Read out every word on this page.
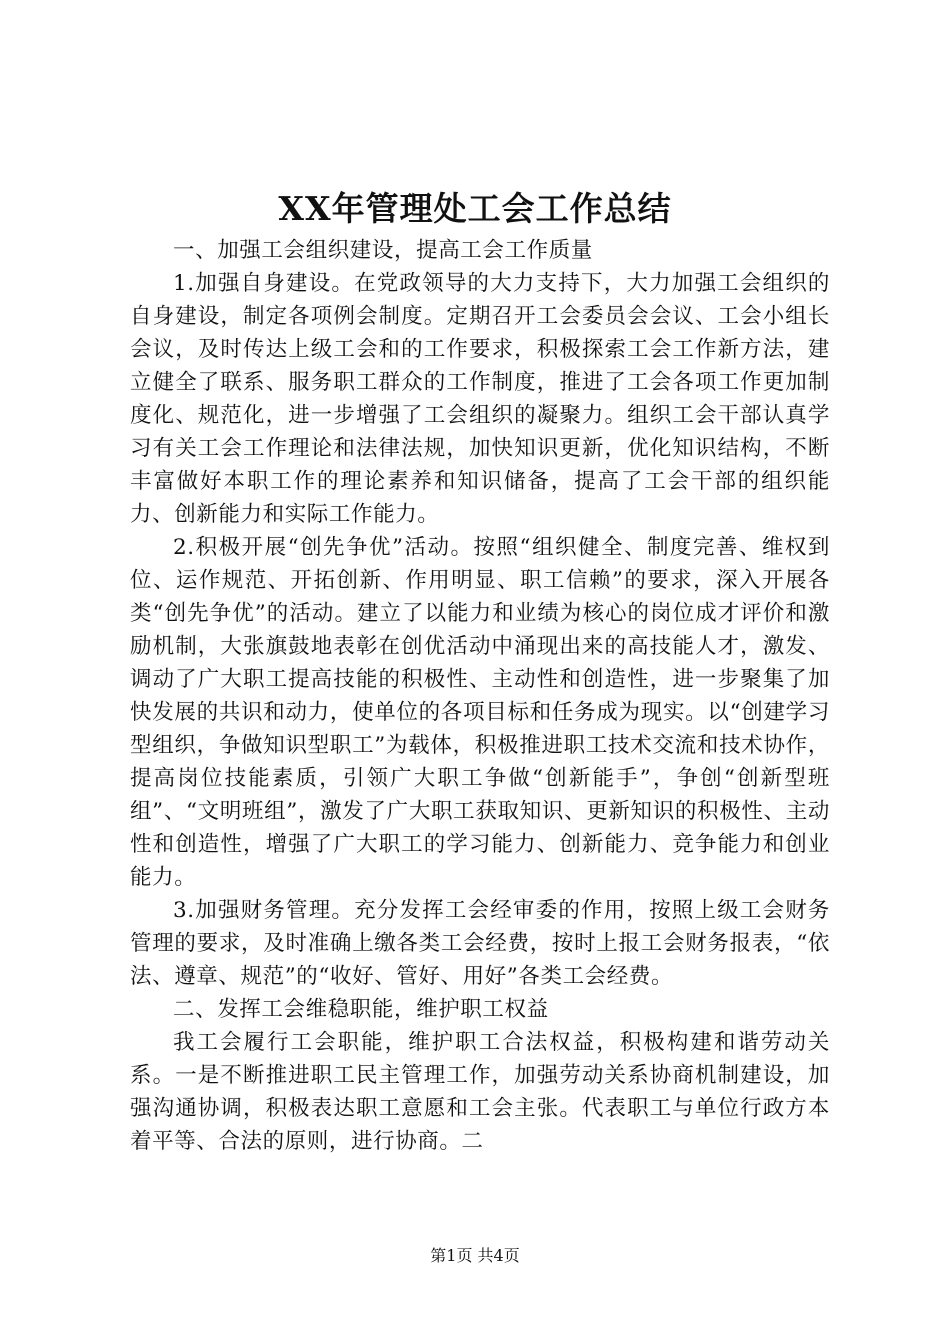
XX年管理处工会工作总结

一、加强工会组织建设，提高工会工作质量

1.加强自身建设。在党政领导的大力支持下，大力加强工会组织的自身建设，制定各项例会制度。定期召开工会委员会会议、工会小组长会议，及时传达上级工会和的工作要求，积极探索工会工作新方法，建立健全了联系、服务职工群众的工作制度，推进了工会各项工作更加制度化、规范化，进一步增强了工会组织的凝聚力。组织工会干部认真学习有关工会工作理论和法律法规，加快知识更新，优化知识结构，不断丰富做好本职工作的理论素养和知识储备，提高了工会干部的组织能力、创新能力和实际工作能力。

2.积极开展“创先争优”活动。按照“组织健全、制度完善、维权到位、运作规范、开拓创新、作用明显、职工信赖”的要求，深入开展各类“创先争优”的活动。建立了以能力和业绩为核心的岗位成才评价和激励机制，大张旗鼓地表彰在创优活动中涌现出来的高技能人才，激发、调动了广大职工提高技能的积极性、主动性和创造性，进一步聚集了加快发展的共识和动力，使单位的各项目标和任务成为现实。以“创建学习型组织，争做知识型职工”为载体，积极推进职工技术交流和技术协作，提高岗位技能素质，引领广大职工争做“创新能手”，争创“创新型班组”、“文明班组”，激发了广大职工获取知识、更新知识的积极性、主动性和创造性，增强了广大职工的学习能力、创新能力、竞争能力和创业能力。

3.加强财务管理。充分发挥工会经审委的作用，按照上级工会财务管理的要求，及时准确上缴各类工会经费，按时上报工会财务报表，“依法、遵章、规范”的“收好、管好、用好”各类工会经费。

二、发挥工会维稳职能，维护职工权益

我工会履行工会职能，维护职工合法权益，积极构建和谐劳动关系。一是不断推进职工民主管理工作，加强劳动关系协商机制建设，加强沟通协调，积极表达职工意愿和工会主张。代表职工与单位行政方本着平等、合法的原则，进行协商。二

第1页 共4页
